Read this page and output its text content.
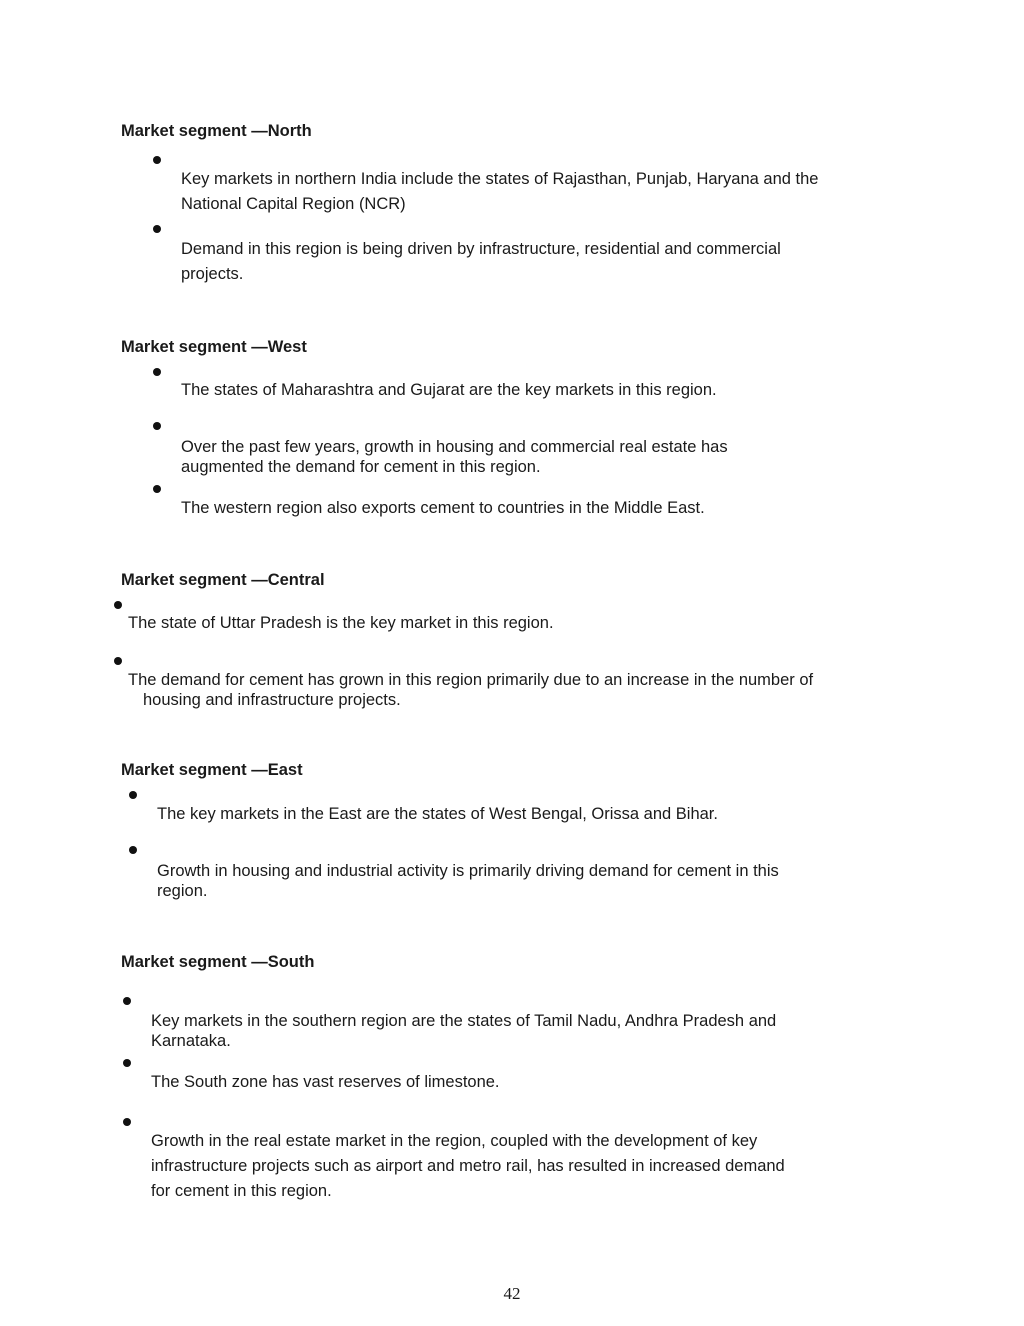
Market segment —North
Key markets in northern India include the states of Rajasthan, Punjab, Haryana and the
National Capital Region (NCR)
Demand in this region is being driven by infrastructure, residential and commercial
projects.
Market segment —West
The states of Maharashtra and Gujarat are the key markets in this region.
Over the past few years, growth in housing and commercial real estate has
augmented the demand for cement in this region.
The western region also exports cement to countries in the Middle East.
Market segment —Central
The state of Uttar Pradesh is the key market in this region.
The demand for cement has grown in this region primarily due to an increase in the number of
housing and infrastructure projects.
Market segment —East
The key markets in the East are the states of West Bengal, Orissa and Bihar.
Growth in housing and industrial activity is primarily driving demand for cement in this
region.
Market segment —South
Key markets in the southern region are the states of Tamil Nadu, Andhra Pradesh and
Karnataka.
The South zone has vast reserves of limestone.
Growth in the real estate market in the region, coupled with the development of key
infrastructure projects such as airport and metro rail, has resulted in increased demand
for cement in this region.
42
